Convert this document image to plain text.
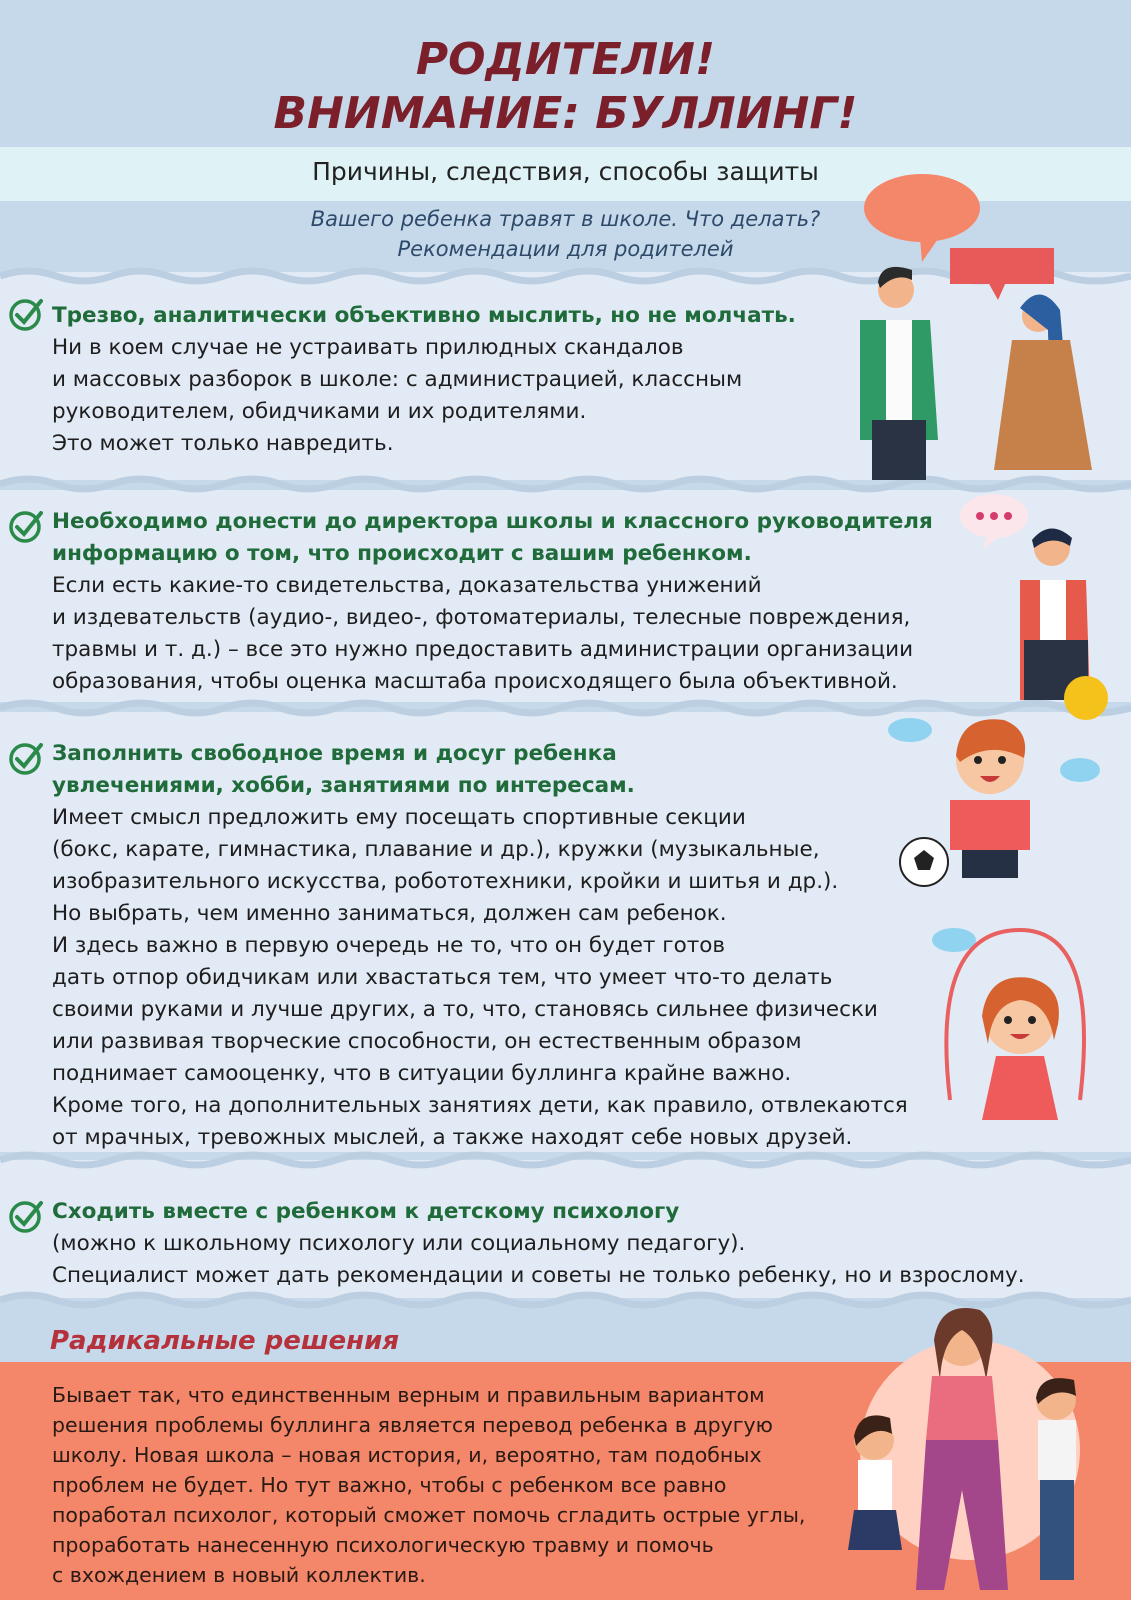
РОДИТЕЛИ!
ВНИМАНИЕ: БУЛЛИНГ!
Причины, следствия, способы защиты
Вашего ребенка травят в школе. Что делать?
Рекомендации для родителей
Трезво, аналитически объективно мыслить, но не молчать.
Ни в коем случае не устраивать прилюдных скандалов
и массовых разборок в школе: с администрацией, классным
руководителем, обидчиками и их родителями.
Это может только навредить.
Необходимо донести до директора школы и классного руководителя
информацию о том, что происходит с вашим ребенком.
Если есть какие-то свидетельства, доказательства унижений
и издевательств (аудио-, видео-, фотоматериалы, телесные повреждения,
травмы и т. д.) – все это нужно предоставить администрации организации
образования, чтобы оценка масштаба происходящего была объективной.
Заполнить свободное время и досуг ребенка
увлечениями, хобби, занятиями по интересам.
Имеет смысл предложить ему посещать спортивные секции
(бокс, карате, гимнастика, плавание и др.), кружки (музыкальные,
изобразительного искусства, робототехники, кройки и шитья и др.).
Но выбрать, чем именно заниматься, должен сам ребенок.
И здесь важно в первую очередь не то, что он будет готов
дать отпор обидчикам или хвастаться тем, что умеет что-то делать
своими руками и лучше других, а то, что, становясь сильнее физически
или развивая творческие способности, он естественным образом
поднимает самооценку, что в ситуации буллинга крайне важно.
Кроме того, на дополнительных занятиях дети, как правило, отвлекаются
от мрачных, тревожных мыслей, а также находят себе новых друзей.
Сходить вместе с ребенком к детскому психологу
(можно к школьному психологу или социальному педагогу).
Специалист может дать рекомендации и советы не только ребенку, но и взрослому.
Радикальные решения
Бывает так, что единственным верным и правильным вариантом
решения проблемы буллинга является перевод ребенка в другую
школу. Новая школа – новая история, и, вероятно, там подобных
проблем не будет. Но тут важно, чтобы с ребенком все равно
поработал психолог, который сможет помочь сгладить острые углы,
проработать нанесенную психологическую травму и помочь
с вхождением в новый коллектив.
